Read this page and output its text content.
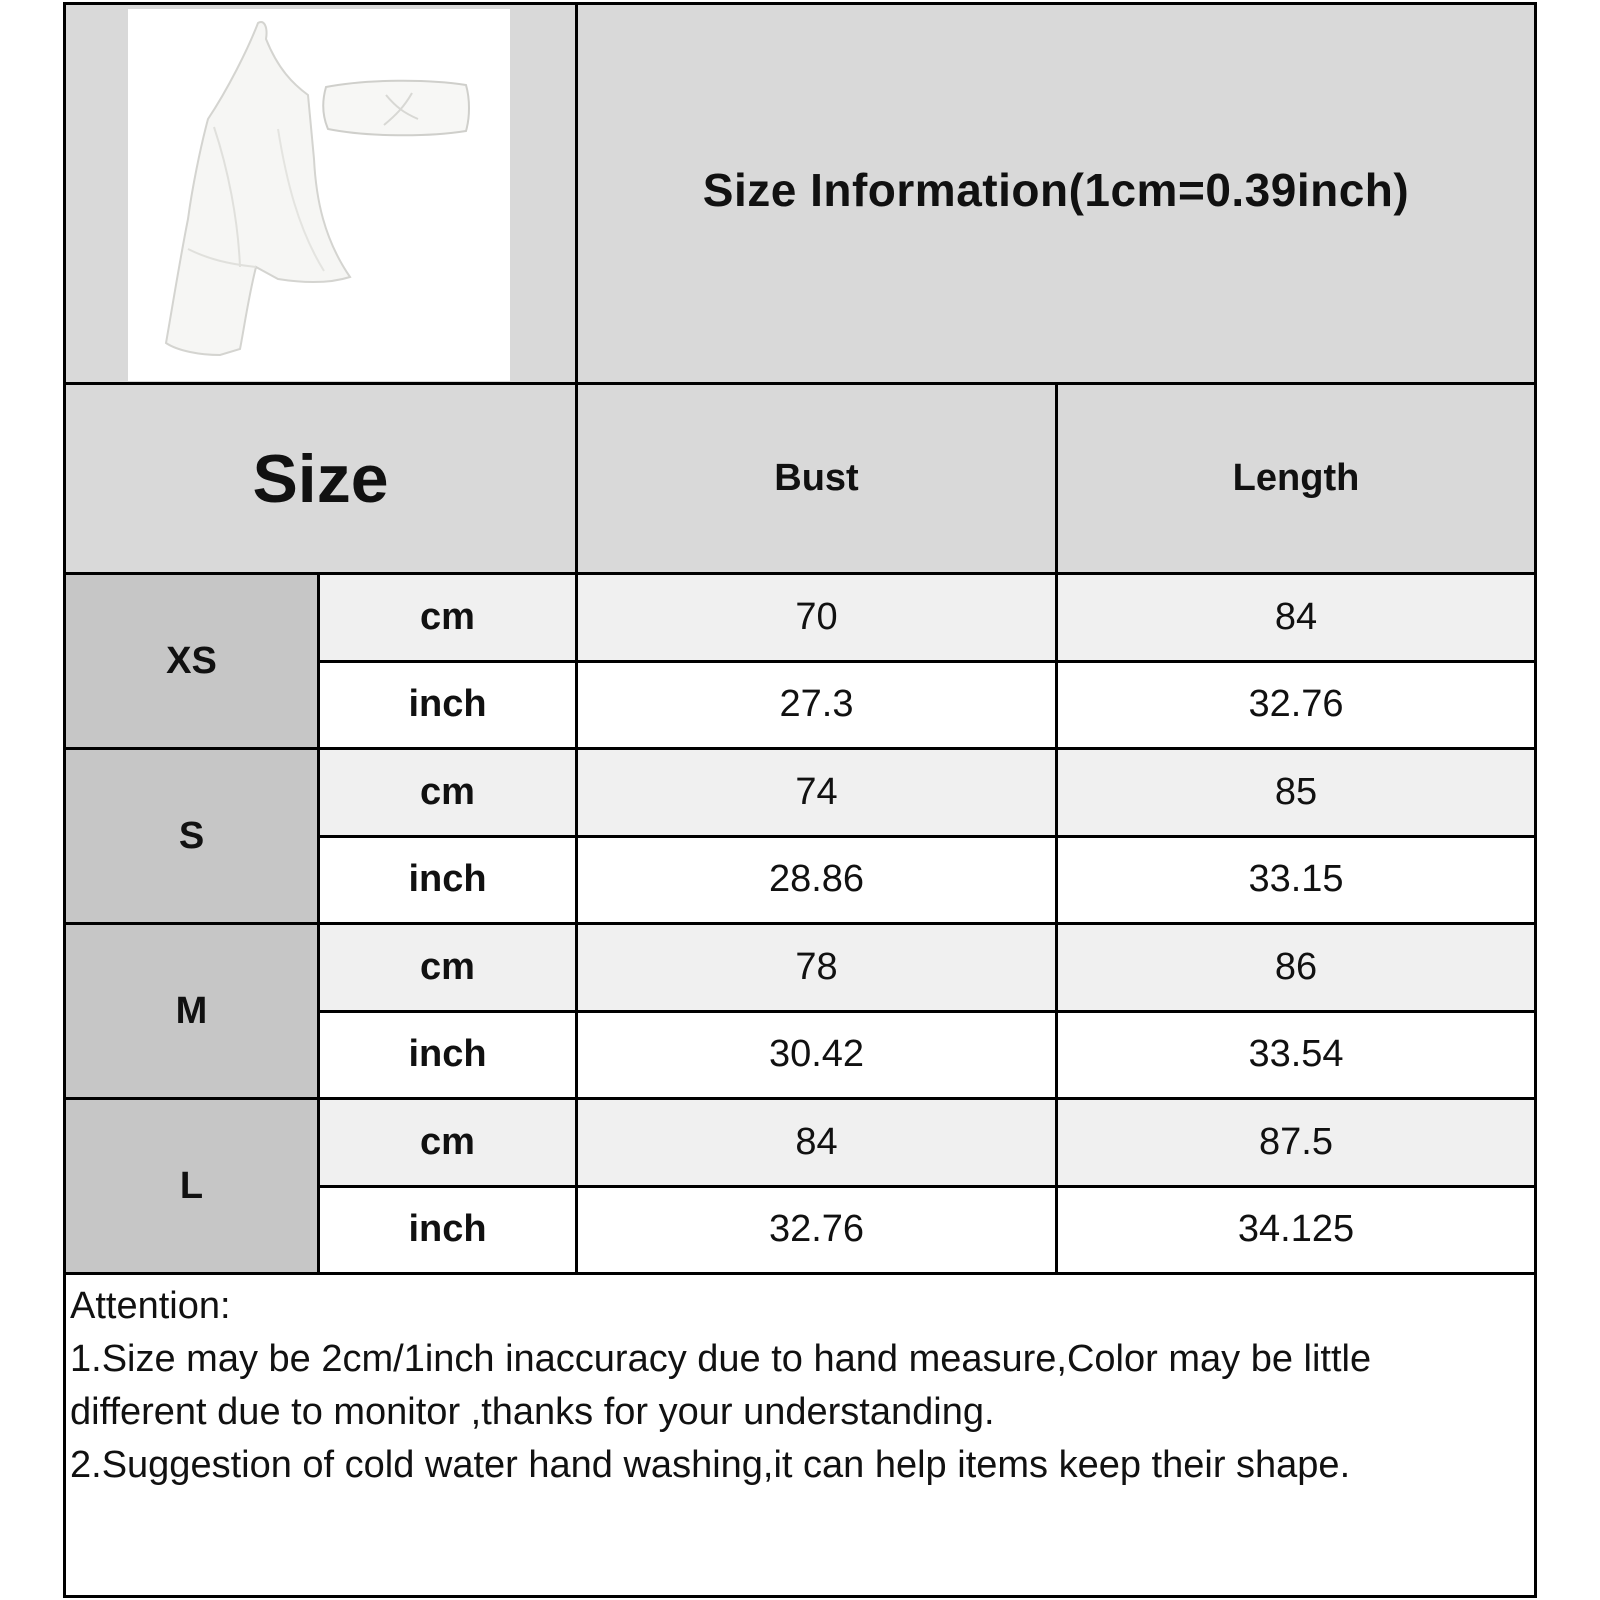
Size Information(1cm=0.39inch)
Size	Bust	Length
XS
cm	70	84
inch	27.3	32.76
S
cm	74	85
inch	28.86	33.15
M
cm	78	86
inch	30.42	33.54
L
cm	84	87.5
inch	32.76	34.125
Attention:
1.Size may be 2cm/1inch inaccuracy due to hand measure,Color may be little
different due to monitor ,thanks for your understanding.
2.Suggestion of cold water hand washing,it can help items keep their shape.
